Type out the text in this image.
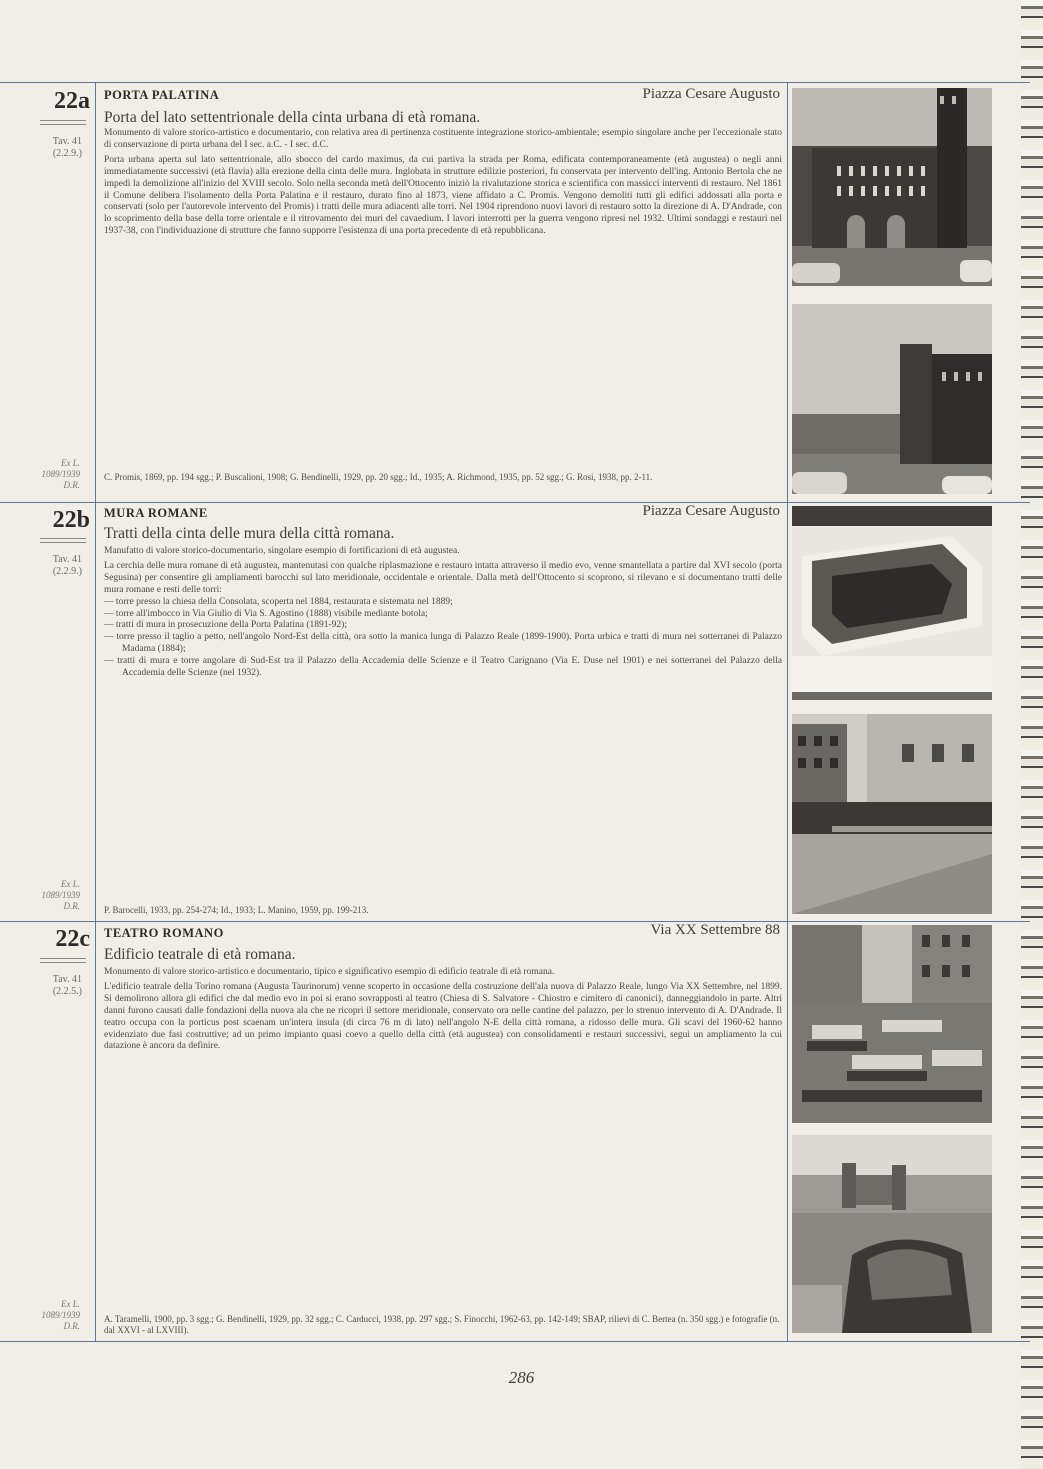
22a
Tav. 41
(2.2.9.)
Ex L.
1089/1939
D.R.
PORTA PALATINA	Piazza Cesare Augusto
Porta del lato settentrionale della cinta urbana di età romana.

Monumento di valore storico-artistico e documentario, con relativa area di pertinenza costituente integrazione storico-ambientale; esempio singolare anche per l'eccezionale stato di conservazione di porta urbana del I sec. a.C. - I sec. d.C.

Porta urbana aperta sul lato settentrionale, allo sbocco del cardo maximus, da cui partiva la strada per Roma, edificata contemporaneamente (età augustea) o negli anni immediatamente successivi (età flavia) alla erezione della cinta delle mura. Inglobata in strutture edilizie posteriori, fu conservata per intervento dell'ing. Antonio Bertola che ne impedì la demolizione all'inizio del XVIII secolo. Solo nella seconda metà dell'Ottocento iniziò la rivalutazione storica e scientifica con massicci interventi di restauro. Nel 1861 il Comune delibera l'isolamento della Porta Palatina e il restauro, durato fino al 1873, viene affidato a C. Promis. Vengono demoliti tutti gli edifici addossati alla porta e conservati (solo per l'autorevole intervento del Promis) i tratti delle mura adiacenti alle torri. Nel 1904 riprendono nuovi lavori di restauro sotto la direzione di A. D'Andrade, con lo scoprimento della base della torre orientale e il ritrovamento dei muri del cavaedium. I lavori interrotti per la guerra vengono ripresi nel 1932. Ultimi sondaggi e restauri nel 1937-38, con l'individuazione di strutture che fanno supporre l'esistenza di una porta precedente di età repubblicana.

C. Promis, 1869, pp. 194 sgg.; P. Buscalioni, 1908; G. Bendinelli, 1929, pp. 20 sgg.; Id., 1935; A. Richmond, 1935, pp. 52 sgg.; G. Rosi, 1938, pp. 2-11.
22b
Tav. 41
(2.2.9.)
Ex L.
1089/1939
D.R.
MURA ROMANE	Piazza Cesare Augusto
Tratti della cinta delle mura della città romana.

Manufatto di valore storico-documentario, singolare esempio di fortificazioni di età augustea.

La cerchia delle mura romane di età augustea, mantenutasi con qualche riplasmazione e restauro intatta attraverso il medio evo, venne smantellata a partire dal XVI secolo (porta Segusina) per consentire gli ampliamenti barocchi sul lato meridionale, occidentale e orientale. Dalla metà dell'Ottocento si scoprono, si rilevano e si documentano tratti delle mura romane e resti delle torri:

— torre presso la chiesa della Consolata, scoperta nel 1884, restaurata e sistemata nel 1889;

— torre all'imbocco in Via Giulio di Via S. Agostino (1888) visibile mediante botola;

— tratti di mura in prosecuzione della Porta Palatina (1891-92);

— torre presso il taglio a petto, nell'angolo Nord-Est della città, ora sotto la manica lunga di Palazzo Reale (1899-1900). Porta urbica e tratti di mura nei sotterranei di Palazzo Madama (1884);

— tratti di mura e torre angolare di Sud-Est tra il Palazzo della Accademia delle Scienze e il Teatro Carignano (Via E. Duse nel 1901) e nei sotterranei del Palazzo della Accademia delle Scienze (nel 1932).

P. Barocelli, 1933, pp. 254-274; Id., 1933; L. Manino, 1959, pp. 199-213.
22c
Tav. 41
(2.2.5.)
Ex L.
1089/1939
D.R.
TEATRO ROMANO	Via XX Settembre 88
Edificio teatrale di età romana.

Monumento di valore storico-artistico e documentario, tipico e significativo esempio di edificio teatrale di età romana.

L'edificio teatrale della Torino romana (Augusta Taurinorum) venne scoperto in occasione della costruzione dell'ala nuova di Palazzo Reale, lungo Via XX Settembre, nel 1899. Si demolirono allora gli edifici che dal medio evo in poi si erano sovrapposti al teatro (Chiesa di S. Salvatore - Chiostro e cimitero di canonici), danneggiandolo in parte. Altri danni furono causati dalle fondazioni della nuova ala che ne ricoprì il settore meridionale, conservato ora nelle cantine del palazzo, per lo strenuo intervento di A. D'Andrade. Il teatro occupa con la porticus post scaenam un'intera insula (di circa 76 m di lato) nell'angolo N-E della città romana, a ridosso delle mura. Gli scavi del 1960-62 hanno evidenziato due fasi costruttive; ad un primo impianto quasi coevo a quello della città (età augustea) con consolidamenti e restauri successivi, seguì un ampliamento la cui datazione è ancora da definire.

A. Taramelli, 1900, pp. 3 sgg.; G. Bendinelli, 1929, pp. 32 sgg.; C. Carducci, 1938, pp. 297 sgg.; S. Finocchi, 1962-63, pp. 142-149; SBAP, rilievi di C. Bertea (n. 350 sgg.) e fotografie (n. dal XXVI - al LXVIII).
286
